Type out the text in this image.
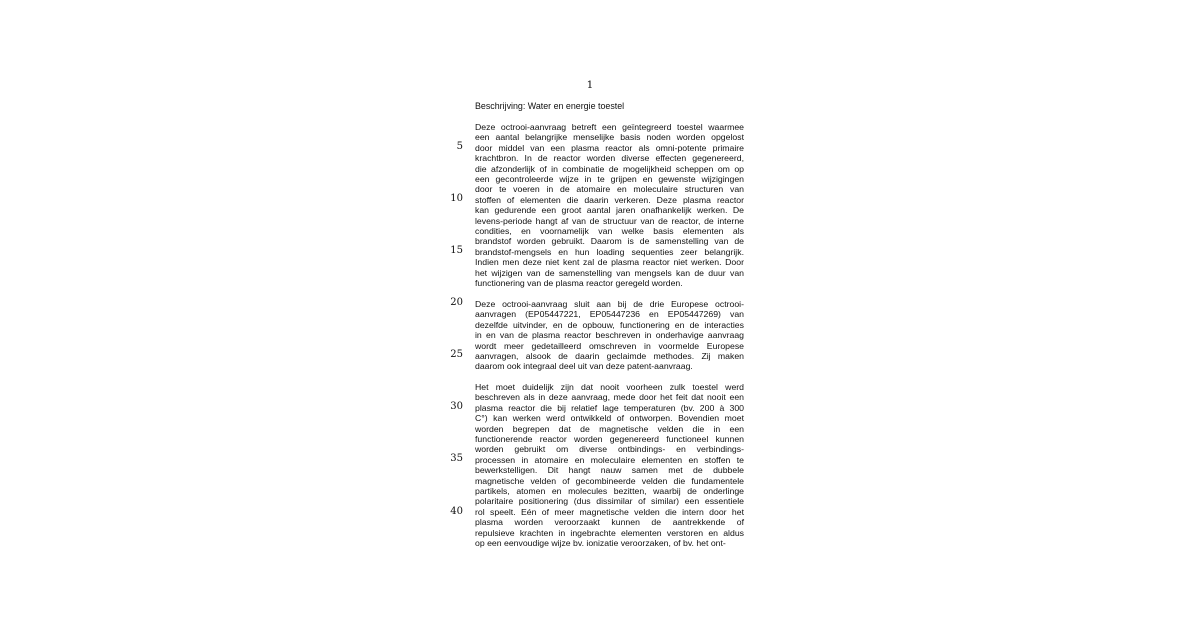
1
Beschrijving: Water en energie toestel
Deze octrooi-aanvraag betreft een geïntegreerd toestel waarmee
een aantal belangrijke menselijke basis noden worden opgelost
door middel van een plasma reactor als omni-potente primaire
krachtbron. In de reactor worden diverse effecten gegenereerd,
die afzonderlijk of in combinatie de mogelijkheid scheppen om op
een gecontroleerde wijze in te grijpen en gewenste wijzigingen
door te voeren in de atomaire en moleculaire structuren van
stoffen of elementen die daarin verkeren. Deze plasma reactor
kan gedurende een groot aantal jaren onafhankelijk werken. De
levens-periode hangt af van de structuur van de reactor, de interne
condities, en voornamelijk van welke basis elementen als
brandstof worden gebruikt. Daarom is de samenstelling van de
brandstof-mengsels en hun loading sequenties zeer belangrijk.
Indien men deze niet kent zal de plasma reactor niet werken. Door
het wijzigen van de samenstelling van mengsels kan de duur van
functionering van de plasma reactor geregeld worden.
Deze octrooi-aanvraag sluit aan bij de drie Europese octrooi-
aanvragen (EP05447221, EP05447236 en EP05447269) van
dezelfde uitvinder, en de opbouw, functionering en de interacties
in en van de plasma reactor beschreven in onderhavige aanvraag
wordt meer gedetailleerd omschreven in voormelde Europese
aanvragen, alsook de daarin geclaimde methodes. Zij maken
daarom ook integraal deel uit van deze patent-aanvraag.
Het moet duidelijk zijn dat nooit voorheen zulk toestel werd
beschreven als in deze aanvraag, mede door het feit dat nooit een
plasma reactor die bij relatief lage temperaturen (bv. 200 à 300
C°) kan werken werd ontwikkeld of ontworpen. Bovendien moet
worden begrepen dat de magnetische velden die in een
functionerende reactor worden gegenereerd functioneel kunnen
worden gebruikt om diverse ontbindings- en verbindings-
processen in atomaire en moleculaire elementen en stoffen te
bewerkstelligen. Dit hangt nauw samen met de dubbele
magnetische velden of gecombineerde velden die fundamentele
partikels, atomen en molecules bezitten, waarbij de onderlinge
polaritaire positionering (dus dissimilar of similar) een essentiele
rol speelt. Eén of meer magnetische velden die intern door het
plasma worden veroorzaakt kunnen de aantrekkende of
repulsieve krachten in ingebrachte elementen verstoren en aldus
op een eenvoudige wijze bv. ionizatie veroorzaken, of bv. het ont-
5
10
15
20
25
30
35
40
